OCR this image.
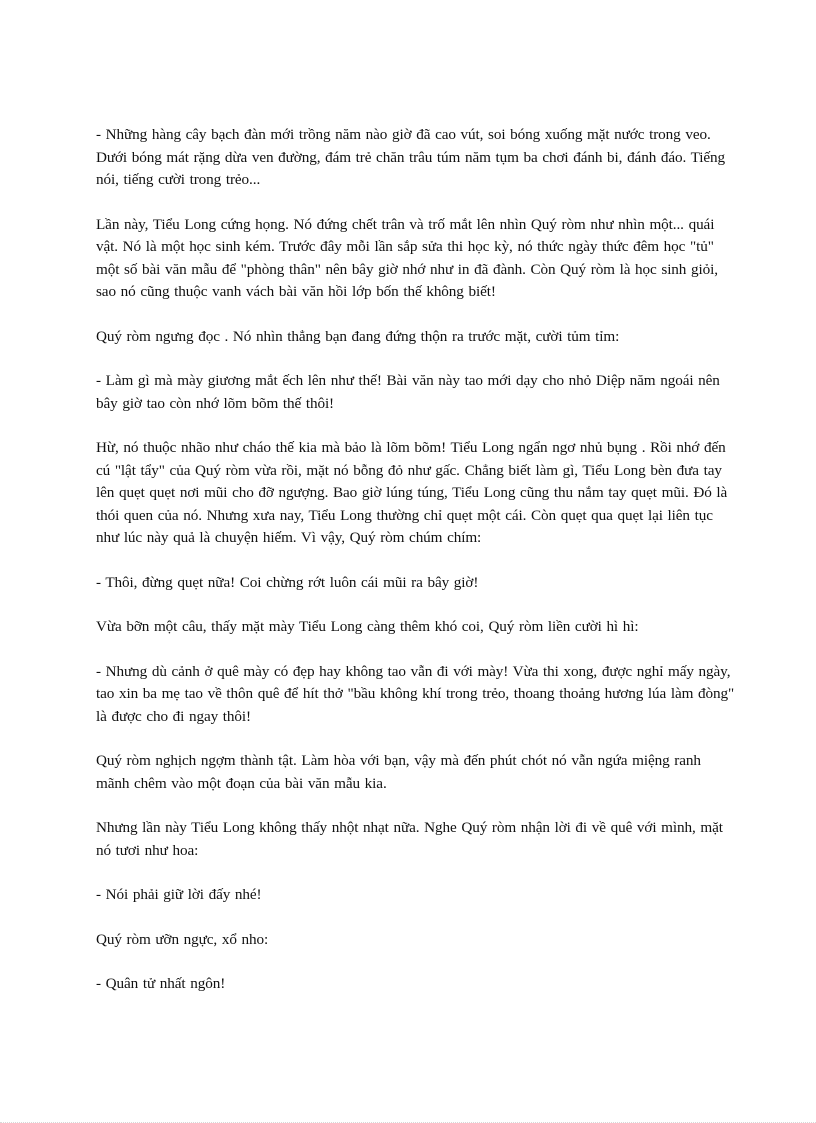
- Những hàng cây bạch đàn mới trồng năm nào giờ đã cao vút, soi bóng xuống mặt nước trong veo. Dưới bóng mát rặng dừa ven đường, đám trẻ chăn trâu túm năm tụm ba chơi đánh bi, đánh đáo. Tiếng nói, tiếng cười trong trẻo...

Lần này, Tiểu Long cứng họng. Nó đứng chết trân và trố mắt lên nhìn Quý ròm như nhìn một... quái vật. Nó là một học sinh kém. Trước đây mỗi lần sắp sửa thi học kỳ, nó thức ngày thức đêm học "tủ" một số bài văn mẫu để "phòng thân" nên bây giờ nhớ như in đã đành. Còn Quý ròm là học sinh giỏi, sao nó cũng thuộc vanh vách bài văn hồi lớp bốn thế không biết!

Quý ròm ngưng đọc . Nó nhìn thẳng bạn đang đứng thộn ra trước mặt, cười tủm tỉm:

- Làm gì mà mày giương mắt ếch lên như thế! Bài văn này tao mới dạy cho nhỏ Diệp năm ngoái nên bây giờ tao còn nhớ lõm bõm thế thôi!

Hừ, nó thuộc nhão như cháo thế kia mà bảo là lõm bõm! Tiểu Long ngẩn ngơ nhủ bụng . Rồi nhớ đến cú "lật tẩy" của Quý ròm vừa rồi, mặt nó bỗng đỏ như gấc. Chẳng biết làm gì, Tiểu Long bèn đưa tay lên quẹt quẹt nơi mũi cho đỡ ngượng. Bao giờ lúng túng, Tiểu Long cũng thu nắm tay quẹt mũi. Đó là thói quen của nó. Nhưng xưa nay, Tiểu Long thường chỉ quẹt một cái. Còn quẹt qua quẹt lại liên tục như lúc này quả là chuyện hiếm. Vì vậy, Quý ròm chúm chím:

- Thôi, đừng quẹt nữa! Coi chừng rớt luôn cái mũi ra bây giờ!

Vừa bỡn một câu, thấy mặt mày Tiểu Long càng thêm khó coi, Quý ròm liền cười hì hì:

- Nhưng dù cảnh ở quê mày có đẹp hay không tao vẫn đi với mày! Vừa thi xong, được nghỉ mấy ngày, tao xin ba mẹ tao về thôn quê để hít thở "bầu không khí trong trẻo, thoang thoảng hương lúa làm đòng" là được cho đi ngay thôi!

Quý ròm nghịch ngợm thành tật. Làm hòa với bạn, vậy mà đến phút chót nó vẫn ngứa miệng ranh mãnh chêm vào một đoạn của bài văn mẫu kia.

Nhưng lần này Tiểu Long không thấy nhột nhạt nữa. Nghe Quý ròm nhận lời đi về quê với mình, mặt nó tươi như hoa:

- Nói phải giữ lời đấy nhé!

Quý ròm ưỡn ngực, xổ nho:

- Quân tử nhất ngôn!
